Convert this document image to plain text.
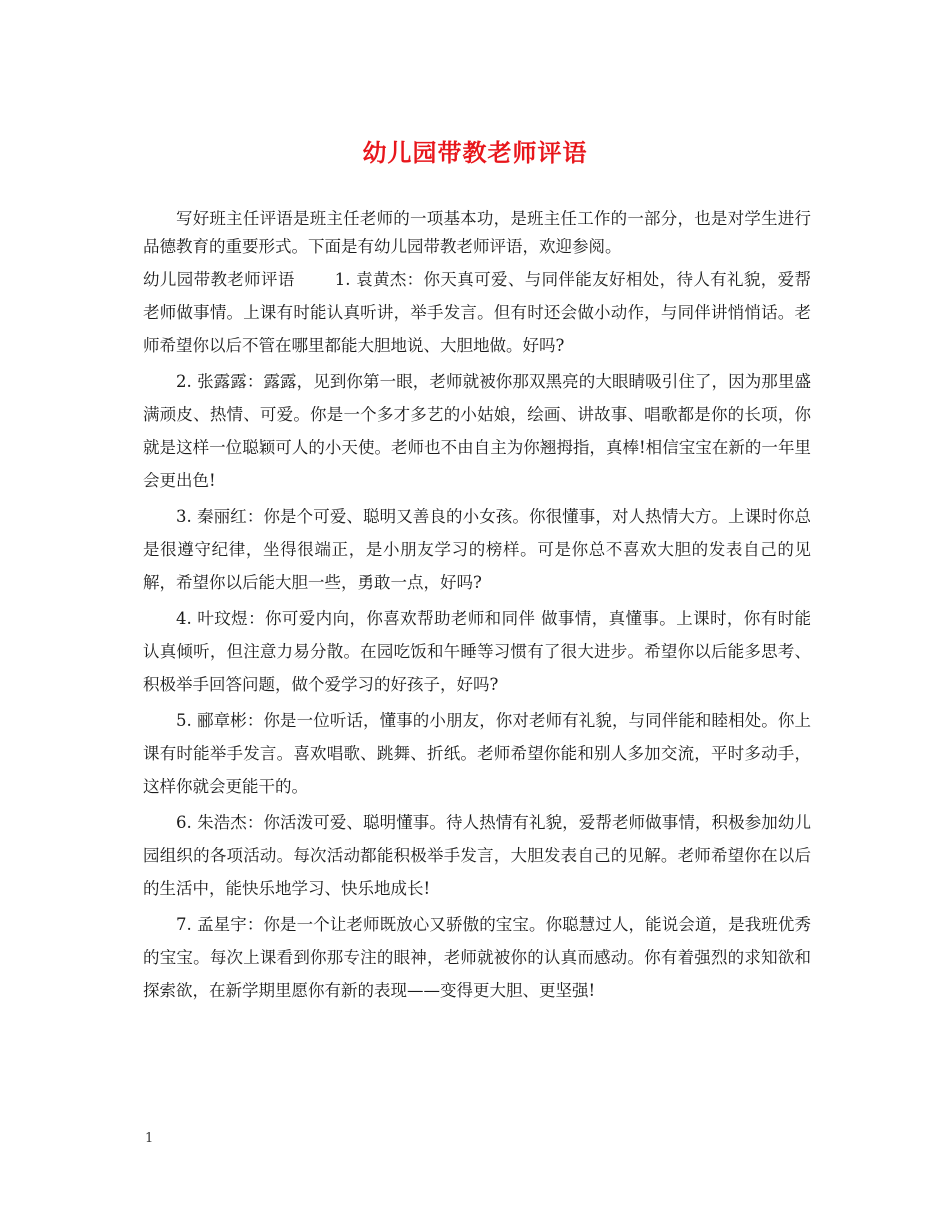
幼儿园带教老师评语

写好班主任评语是班主任老师的一项基本功，是班主任工作的一部分，也是对学生进行品德教育的重要形式。下面是有幼儿园带教老师评语，欢迎参阅。

幼儿园带教老师评语 1. 袁黄杰：你天真可爱、与同伴能友好相处，待人有礼貌，爱帮老师做事情。上课有时能认真听讲，举手发言。但有时还会做小动作，与同伴讲悄悄话。老师希望你以后不管在哪里都能大胆地说、大胆地做。好吗?

2. 张露露：露露，见到你第一眼，老师就被你那双黑亮的大眼睛吸引住了，因为那里盛满顽皮、热情、可爱。你是一个多才多艺的小姑娘，绘画、讲故事、唱歌都是你的长项，你就是这样一位聪颖可人的小天使。老师也不由自主为你翘拇指，真棒!相信宝宝在新的一年里会更出色!

3. 秦丽红：你是个可爱、聪明又善良的小女孩。你很懂事，对人热情大方。上课时你总是很遵守纪律，坐得很端正，是小朋友学习的榜样。可是你总不喜欢大胆的发表自己的见解，希望你以后能大胆一些，勇敢一点，好吗?

4. 叶玟煜：你可爱内向，你喜欢帮助老师和同伴 做事情，真懂事。上课时，你有时能认真倾听，但注意力易分散。在园吃饭和午睡等习惯有了很大进步。希望你以后能多思考、积极举手回答问题，做个爱学习的好孩子，好吗?

5. 郦章彬：你是一位听话，懂事的小朋友，你对老师有礼貌，与同伴能和睦相处。你上课有时能举手发言。喜欢唱歌、跳舞、折纸。老师希望你能和别人多加交流，平时多动手，这样你就会更能干的。

6. 朱浩杰：你活泼可爱、聪明懂事。待人热情有礼貌，爱帮老师做事情，积极参加幼儿园组织的各项活动。每次活动都能积极举手发言，大胆发表自己的见解。老师希望你在以后的生活中，能快乐地学习、快乐地成长!

7. 孟星宇：你是一个让老师既放心又骄傲的宝宝。你聪慧过人，能说会道，是我班优秀的宝宝。每次上课看到你那专注的眼神，老师就被你的认真而感动。你有着强烈的求知欲和探索欲，在新学期里愿你有新的表现——变得更大胆、更坚强!

1
